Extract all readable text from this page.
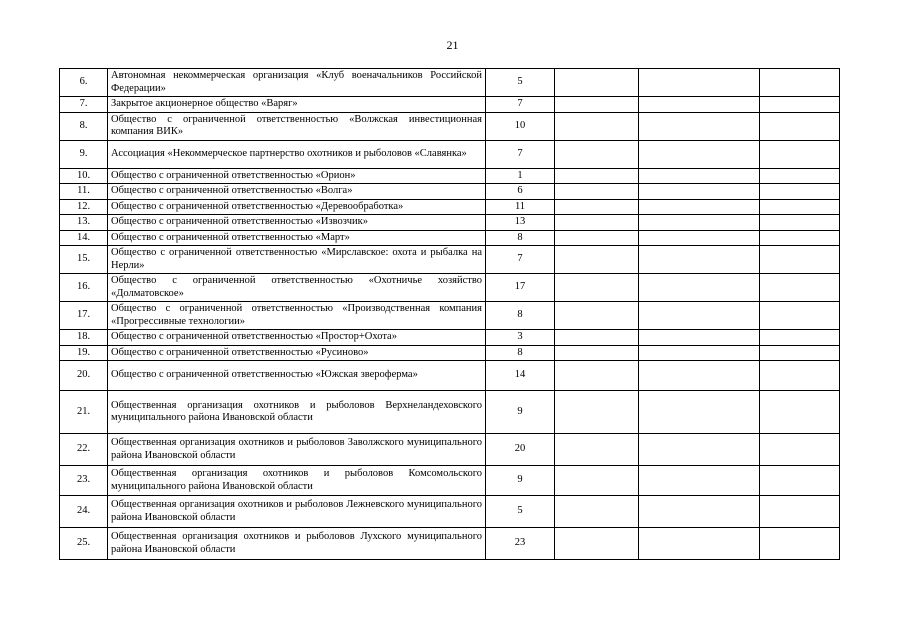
21
6.	Автономная некоммерческая организация «Клуб военачальников Российской Федерации»	5			
7.	Закрытое акционерное общество «Варяг»	7			
8.	Общество с ограниченной ответственностью «Волжская инвестиционная компания ВИК»	10			
9.	Ассоциация «Некоммерческое партнерство охотников и рыболовов «Славянка»	7			
10.	Общество с ограниченной ответственностью «Орион»	1			
11.	Общество с ограниченной ответственностью «Волга»	6			
12.	Общество с ограниченной ответственностью «Деревообработка»	11			
13.	Общество с ограниченной ответственностью «Извозчик»	13			
14.	Общество с ограниченной ответственностью «Март»	8			
15.	Общество с ограниченной ответственностью «Мирславское: охота и рыбалка на Нерли»	7			
16.	Общество с ограниченной ответственностью «Охотничье хозяйство «Долматовское»	17			
17.	Общество с ограниченной ответственностью «Производственная компания «Прогрессивные технологии»	8			
18.	Общество с ограниченной ответственностью «Простор+Охота»	3			
19.	Общество с ограниченной ответственностью «Русиново»	8			
20.	Общество с ограниченной ответственностью «Южская звероферма»	14			
21.	Общественная организация охотников и рыболовов Верхнеландеховского муниципального района Ивановской области	9			
22.	Общественная организация охотников и рыболовов Заволжского муниципального района Ивановской области	20			
23.	Общественная организация охотников и рыболовов Комсомольского муниципального района Ивановской области	9			
24.	Общественная организация охотников и рыболовов Лежневского муниципального района Ивановской области	5			
25.	Общественная организация охотников и рыболовов Лухского муниципального района Ивановской области	23			
